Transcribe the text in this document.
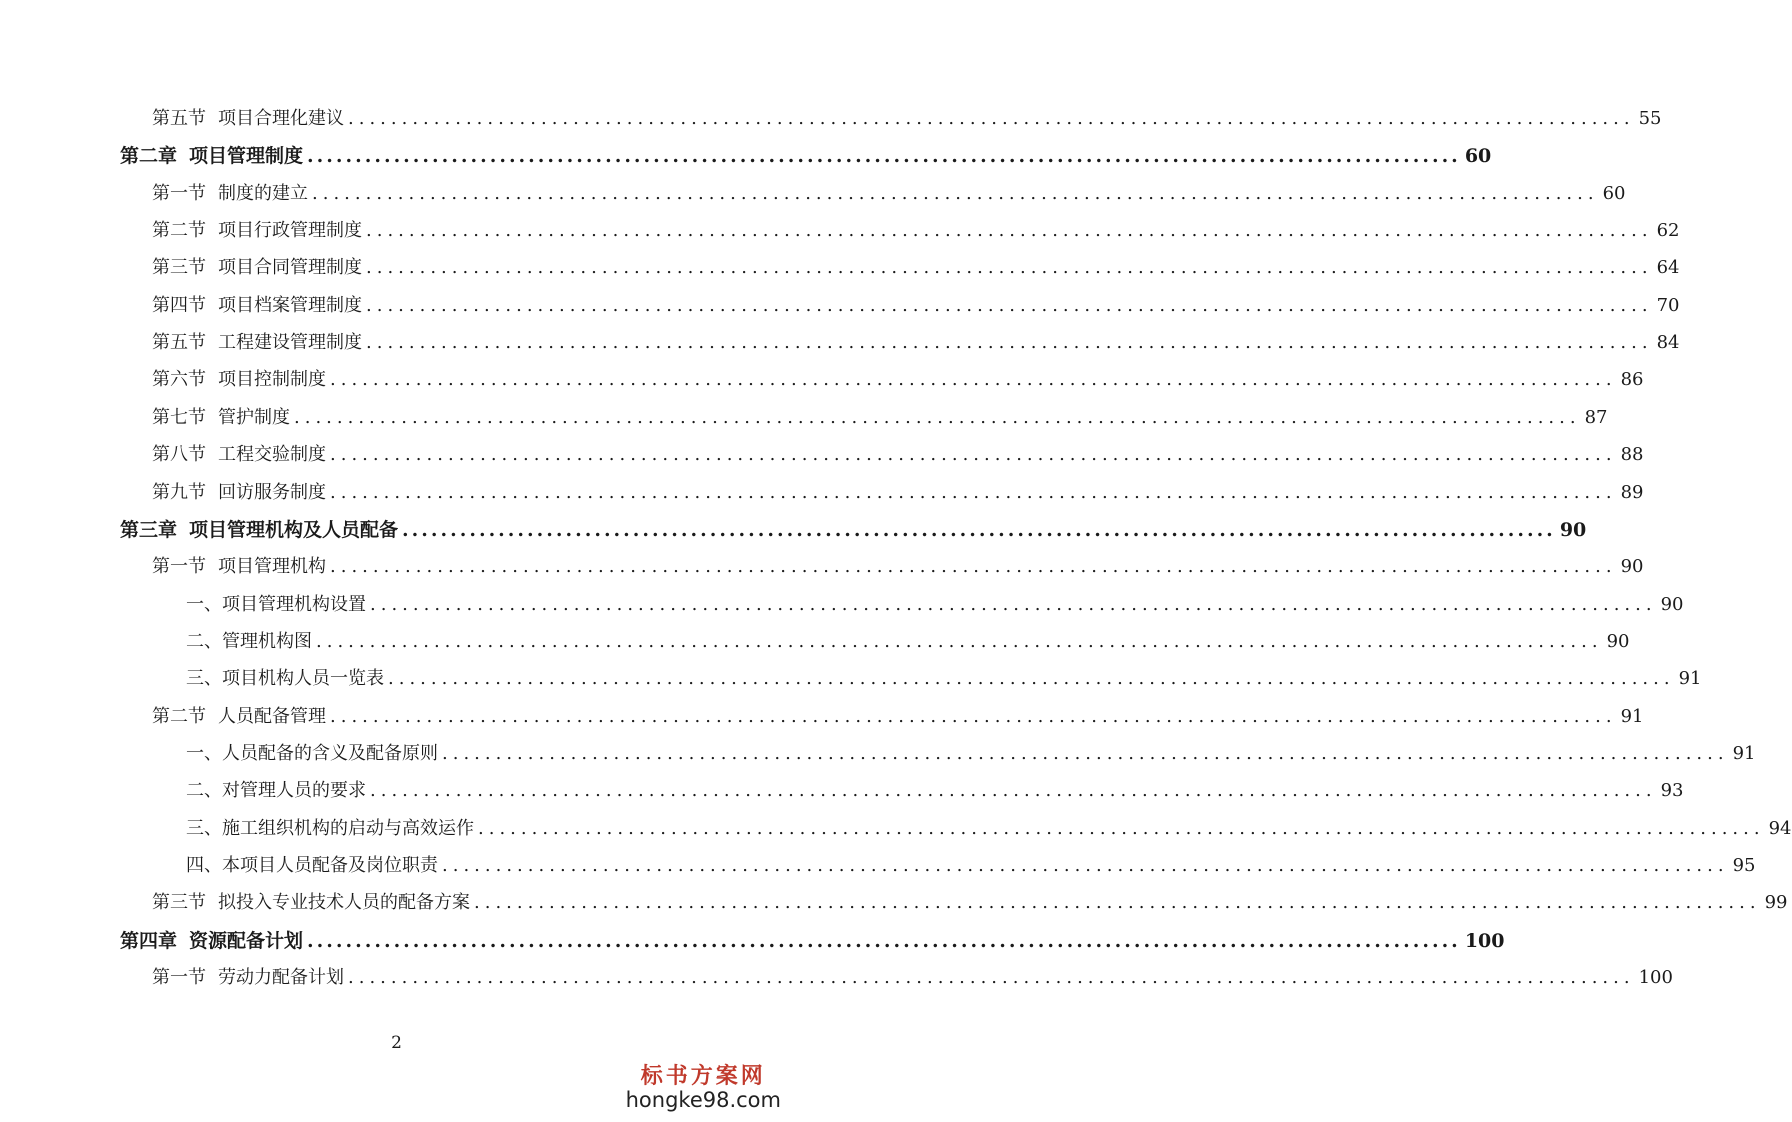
第五节 项目合理化建议 ........................................................................................................................ 55
第二章 项目管理制度 ........................................................................................................................ 60
第一节 制度的建立 ........................................................................................................................ 60
第二节 项目行政管理制度 ........................................................................................................................ 62
第三节 项目合同管理制度 ........................................................................................................................ 64
第四节 项目档案管理制度 ........................................................................................................................ 70
第五节 工程建设管理制度 ........................................................................................................................ 84
第六节 项目控制制度 ........................................................................................................................ 86
第七节 管护制度 ........................................................................................................................ 87
第八节 工程交验制度 ........................................................................................................................ 88
第九节 回访服务制度 ........................................................................................................................ 89
第三章 项目管理机构及人员配备 ........................................................................................................................ 90
第一节 项目管理机构 ........................................................................................................................ 90
一、项目管理机构设置 ........................................................................................................................ 90
二、管理机构图 ........................................................................................................................ 90
三、项目机构人员一览表 ........................................................................................................................ 91
第二节 人员配备管理 ........................................................................................................................ 91
一、人员配备的含义及配备原则 ........................................................................................................................ 91
二、对管理人员的要求 ........................................................................................................................ 93
三、施工组织机构的启动与高效运作 ........................................................................................................................ 94
四、本项目人员配备及岗位职责 ........................................................................................................................ 95
第三节 拟投入专业技术人员的配备方案 ........................................................................................................................ 99
第四章 资源配备计划 ........................................................................................................................ 100
第一节 劳动力配备计划 ........................................................................................................................ 100
2
标书方案网
hongke98.com
